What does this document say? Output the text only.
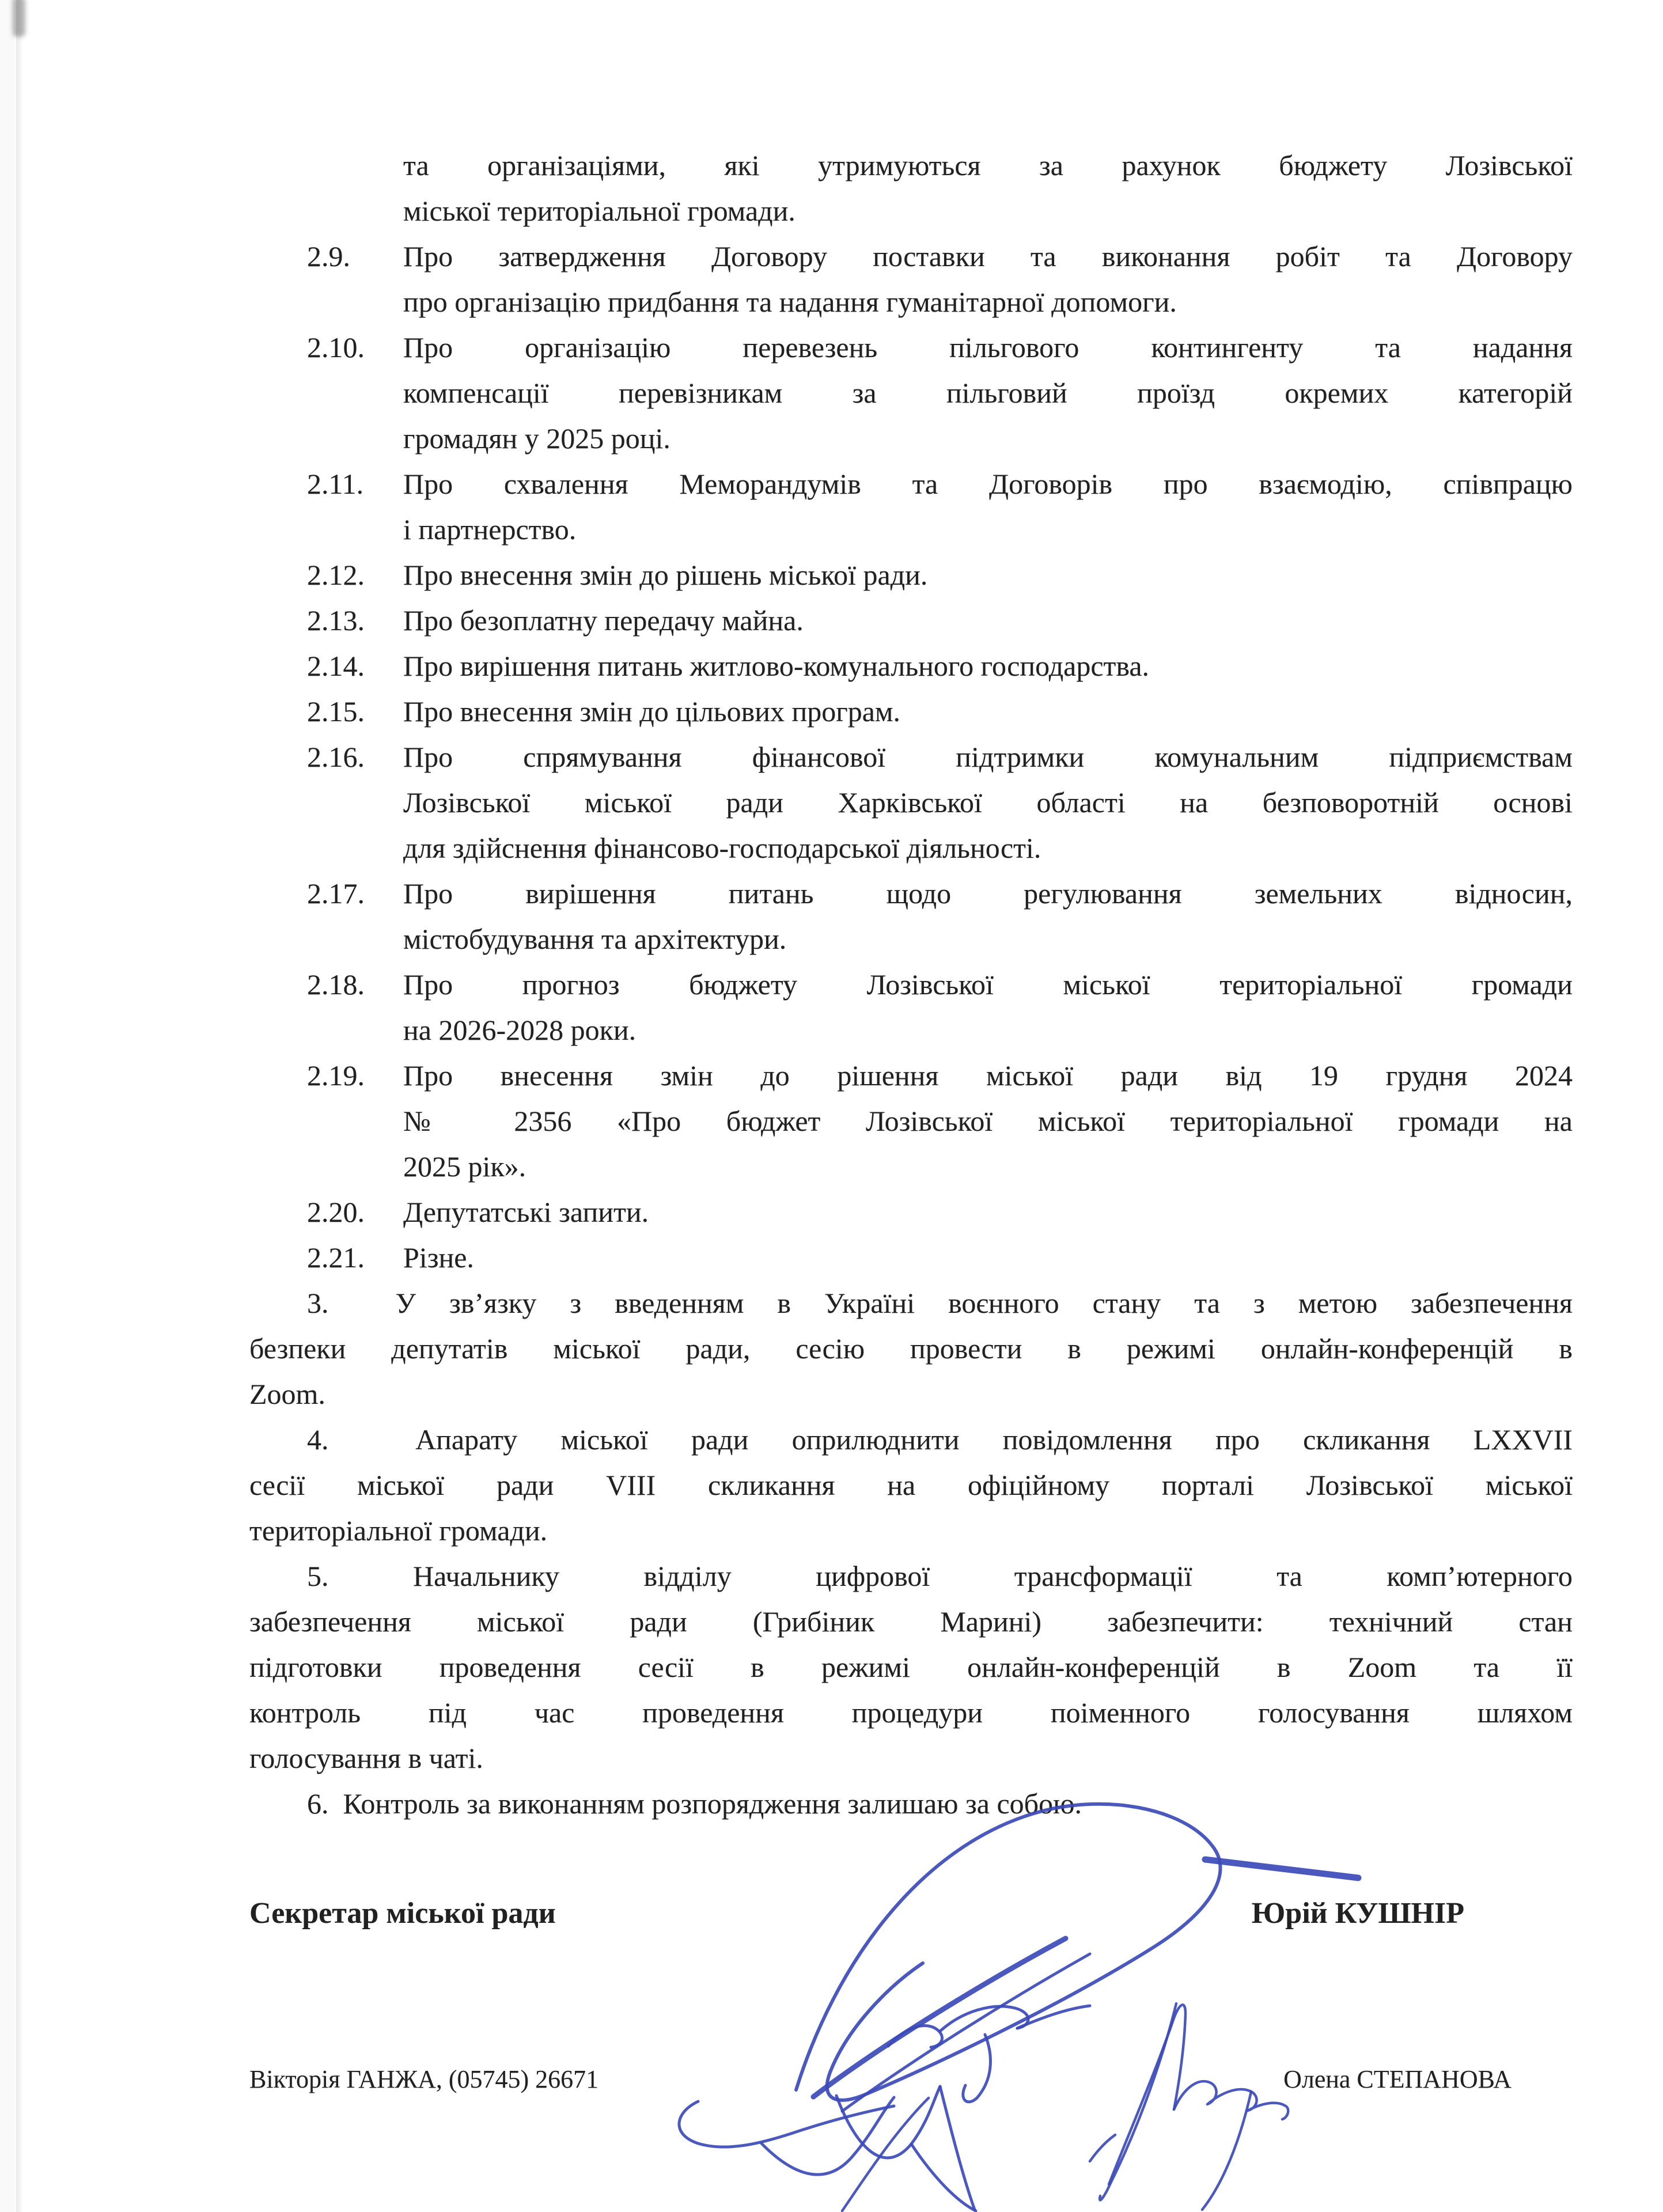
та організаціями, які утримуються за рахунок бюджету Лозівської
міської територіальної громади.
2.9.	Про затвердження Договору поставки та виконання робіт та Договору
про організацію придбання та надання гуманітарної допомоги.
2.10.	Про організацію перевезень пільгового контингенту та надання
компенсації перевізникам за пільговий проїзд окремих категорій
громадян у 2025 році.
2.11.	Про схвалення Меморандумів та Договорів про взаємодію, співпрацю
і партнерство.
2.12.	Про внесення змін до рішень міської ради.
2.13.	Про безоплатну передачу майна.
2.14.	Про вирішення питань житлово-комунального господарства.
2.15.	Про внесення змін до цільових програм.
2.16.	Про спрямування фінансової підтримки комунальним підприємствам
Лозівської міської ради Харківської області на безповоротній основі
для здійснення фінансово-господарської діяльності.
2.17.	Про вирішення питань щодо регулювання земельних відносин,
містобудування та архітектури.
2.18.	Про прогноз бюджету Лозівської міської територіальної громади
на 2026-2028 роки.
2.19.	Про внесення змін до рішення міської ради від 19 грудня 2024
№ 2356 «Про бюджет Лозівської міської територіальної громади на
2025 рік».
2.20.	Депутатські запити.
2.21.	Різне.
3.  У зв’язку з введенням в Україні воєнного стану та з метою забезпечення
безпеки депутатів міської ради, сесію провести в режимі онлайн-конференцій в
Zoom.
4.  Апарату міської ради оприлюднити повідомлення про скликання LXXVII
сесії міської ради VIII скликання на офіційному порталі Лозівської міської
територіальної громади.
5. Начальнику відділу цифрової трансформації та комп’ютерного
забезпечення міської ради (Грибіник Марині) забезпечити: технічний стан
підготовки проведення сесії в режимі онлайн-конференцій в Zoom та її
контроль під час проведення процедури поіменного голосування шляхом
голосування в чаті.
6.  Контроль за виконанням розпорядження залишаю за собою.
Секретар міської ради	Юрій КУШНІР
Вікторія ГАНЖА, (05745) 26671	Олена СТЕПАНОВА
